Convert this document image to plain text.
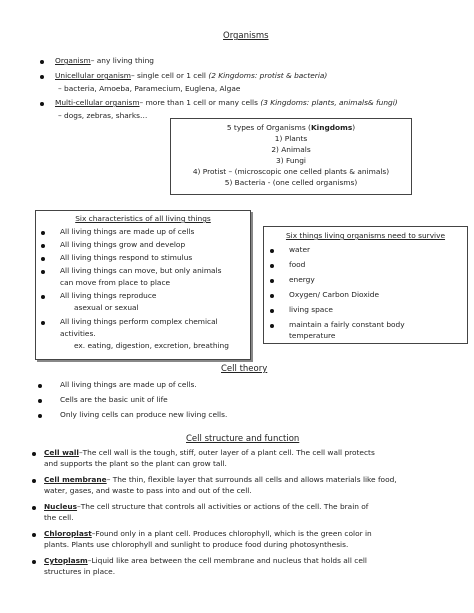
Organisms
Organism– any living thing
Unicellular organism– single cell or 1 cell (2 Kingdoms: protist & bacteria)
– bacteria, Amoeba, Paramecium, Euglena, Algae
Multi-cellular organism– more than 1 cell or many cells (3 Kingdoms: plants, animals& fungi)
– dogs, zebras, sharks…
5 types of Organisms (Kingdoms)
1) Plants
2) Animals
3) Fungi
4) Protist – (microscopic one celled plants & animals)
5) Bacteria - (one celled organisms)
Six characteristics of all living things
All living things are made up of cells
All living things grow and develop
All living things respond to stimulus
All living things can move, but only animals
can move from place to place
All living things reproduce
asexual or sexual
All living things perform complex chemical
activities.
ex. eating, digestion, excretion, breathing
Six things living organisms need to survive
water
food
energy
Oxygen/ Carbon Dioxide
living space
maintain a fairly constant body
temperature
Cell theory
All living things are made up of cells.
Cells are the basic unit of life
Only living cells can produce new living cells.
Cell structure and function
Cell wall–The cell wall is the tough, stiff, outer layer of a plant cell. The cell wall protects
and supports the plant so the plant can grow tall.
Cell membrane– The thin, flexible layer that surrounds all cells and allows materials like food,
water, gases, and waste to pass into and out of the cell.
Nucleus–The cell structure that controls all activities or actions of the cell. The brain of
the cell.
Chloroplast–Found only in a plant cell. Produces chlorophyll, which is the green color in
plants. Plants use chlorophyll and sunlight to produce food during photosynthesis.
Cytoplasm–Liquid like area between the cell membrane and nucleus that holds all cell
structures in place.
